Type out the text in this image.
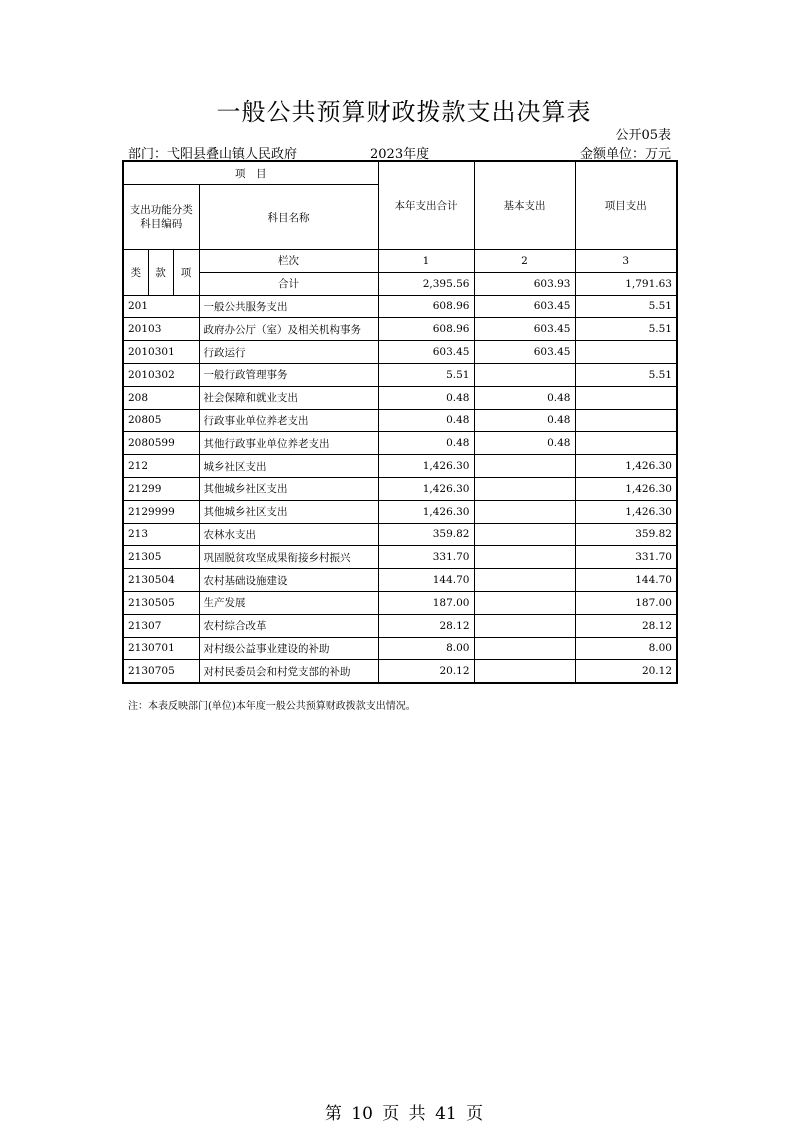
一般公共预算财政拨款支出决算表
公开05表
部门：弋阳县叠山镇人民政府	2023年度	金额单位：万元
项　目				本年支出合计	基本支出	项目支出
支出功能分类科目编码			科目名称			
类	款	项	栏次	1	2	3
			合计	2,395.56	603.93	1,791.63
201			一般公共服务支出	608.96	603.45	5.51
20103			政府办公厅（室）及相关机构事务	608.96	603.45	5.51
2010301			行政运行	603.45	603.45	
2010302			一般行政管理事务	5.51		5.51
208			社会保障和就业支出	0.48	0.48	
20805			行政事业单位养老支出	0.48	0.48	
2080599			其他行政事业单位养老支出	0.48	0.48	
212			城乡社区支出	1,426.30		1,426.30
21299			其他城乡社区支出	1,426.30		1,426.30
2129999			其他城乡社区支出	1,426.30		1,426.30
213			农林水支出	359.82		359.82
21305			巩固脱贫攻坚成果衔接乡村振兴	331.70		331.70
2130504			农村基础设施建设	144.70		144.70
2130505			生产发展	187.00		187.00
21307			农村综合改革	28.12		28.12
2130701			对村级公益事业建设的补助	8.00		8.00
2130705			对村民委员会和村党支部的补助	20.12		20.12
注：本表反映部门(单位)本年度一般公共预算财政拨款支出情况。
第 10 页 共 41 页
